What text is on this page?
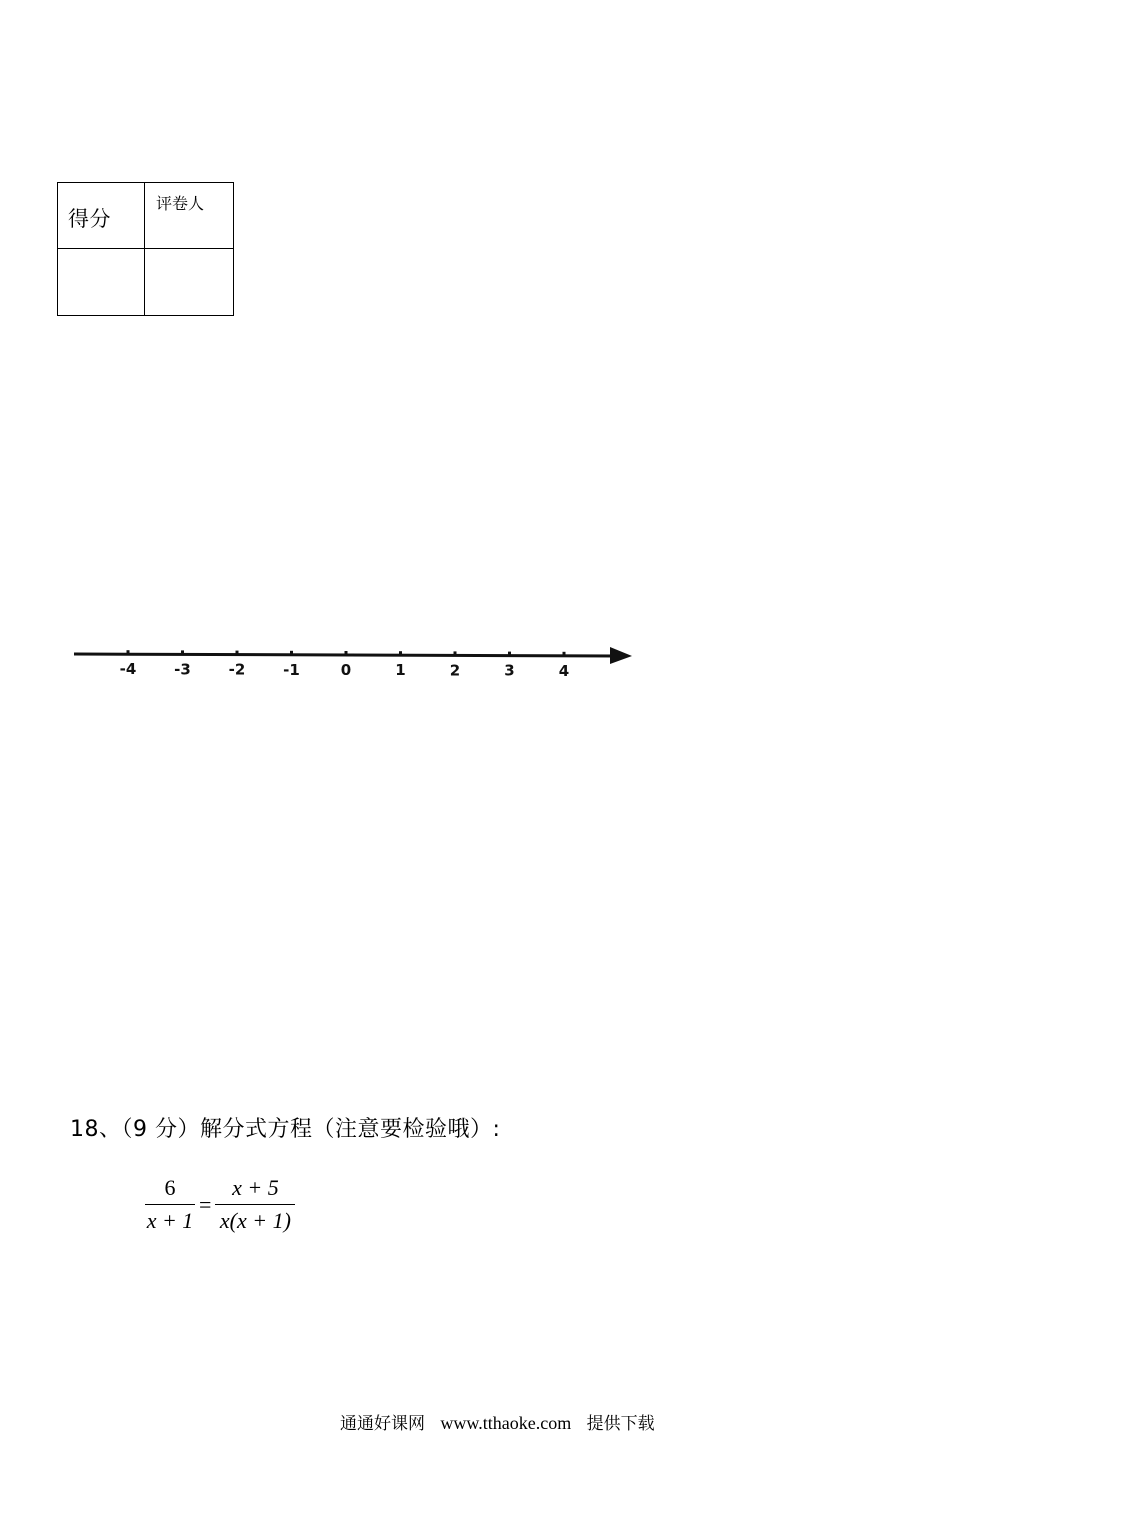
得分	评卷人

-4	-3	-2	-1	0	1	2	3	4
18、（9 分）解分式方程（注意要检验哦）:
$\frac{6}{x + 1} = \frac{x + 5}{x(x + 1)}$
通通好课网 www.tthaoke.com 提供下载
